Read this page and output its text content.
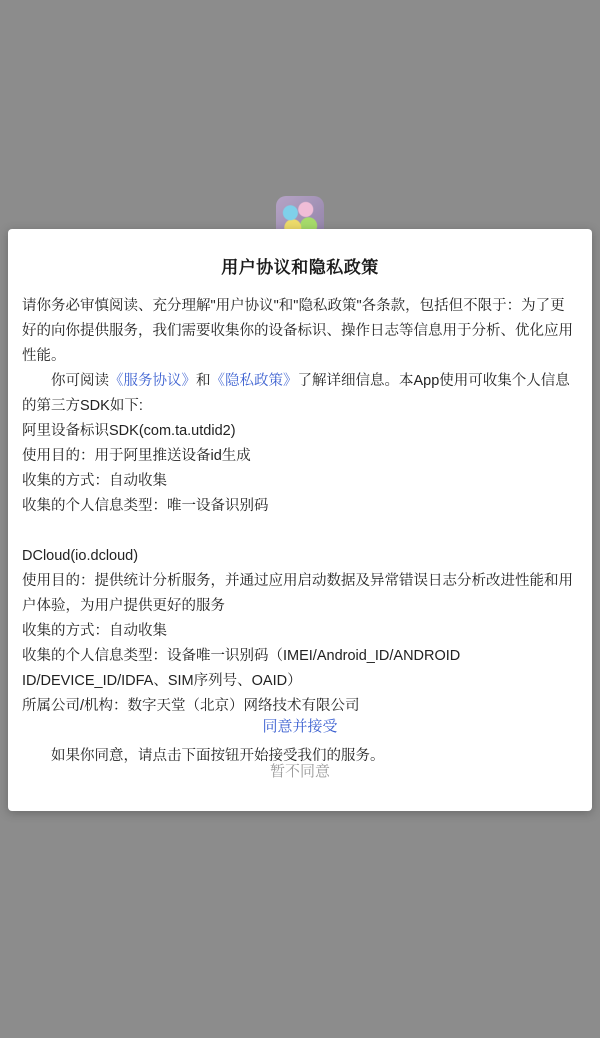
用户协议和隐私政策

请你务必审慎阅读、充分理解"用户协议"和"隐私政策"各条款，包括但不限于：为了更好的向你提供服务，我们需要收集你的设备标识、操作日志等信息用于分析、优化应用性能。

你可阅读《服务协议》和《隐私政策》了解详细信息。本App使用可收集个人信息的第三方SDK如下:

阿里设备标识SDK(com.ta.utdid2)

使用目的：用于阿里推送设备id生成

收集的方式：自动收集

收集的个人信息类型：唯一设备识别码

DCloud(io.dcloud)

使用目的：提供统计分析服务，并通过应用启动数据及异常错误日志分析改进性能和用户体验，为用户提供更好的服务

收集的方式：自动收集

收集的个人信息类型：设备唯一识别码（IMEI/Android_ID/ANDROID ID/DEVICE_ID/IDFA、SIM序列号、OAID）

所属公司/机构：数字天堂（北京）网络技术有限公司

如果你同意，请点击下面按钮开始接受我们的服务。

同意并接受
暂不同意
